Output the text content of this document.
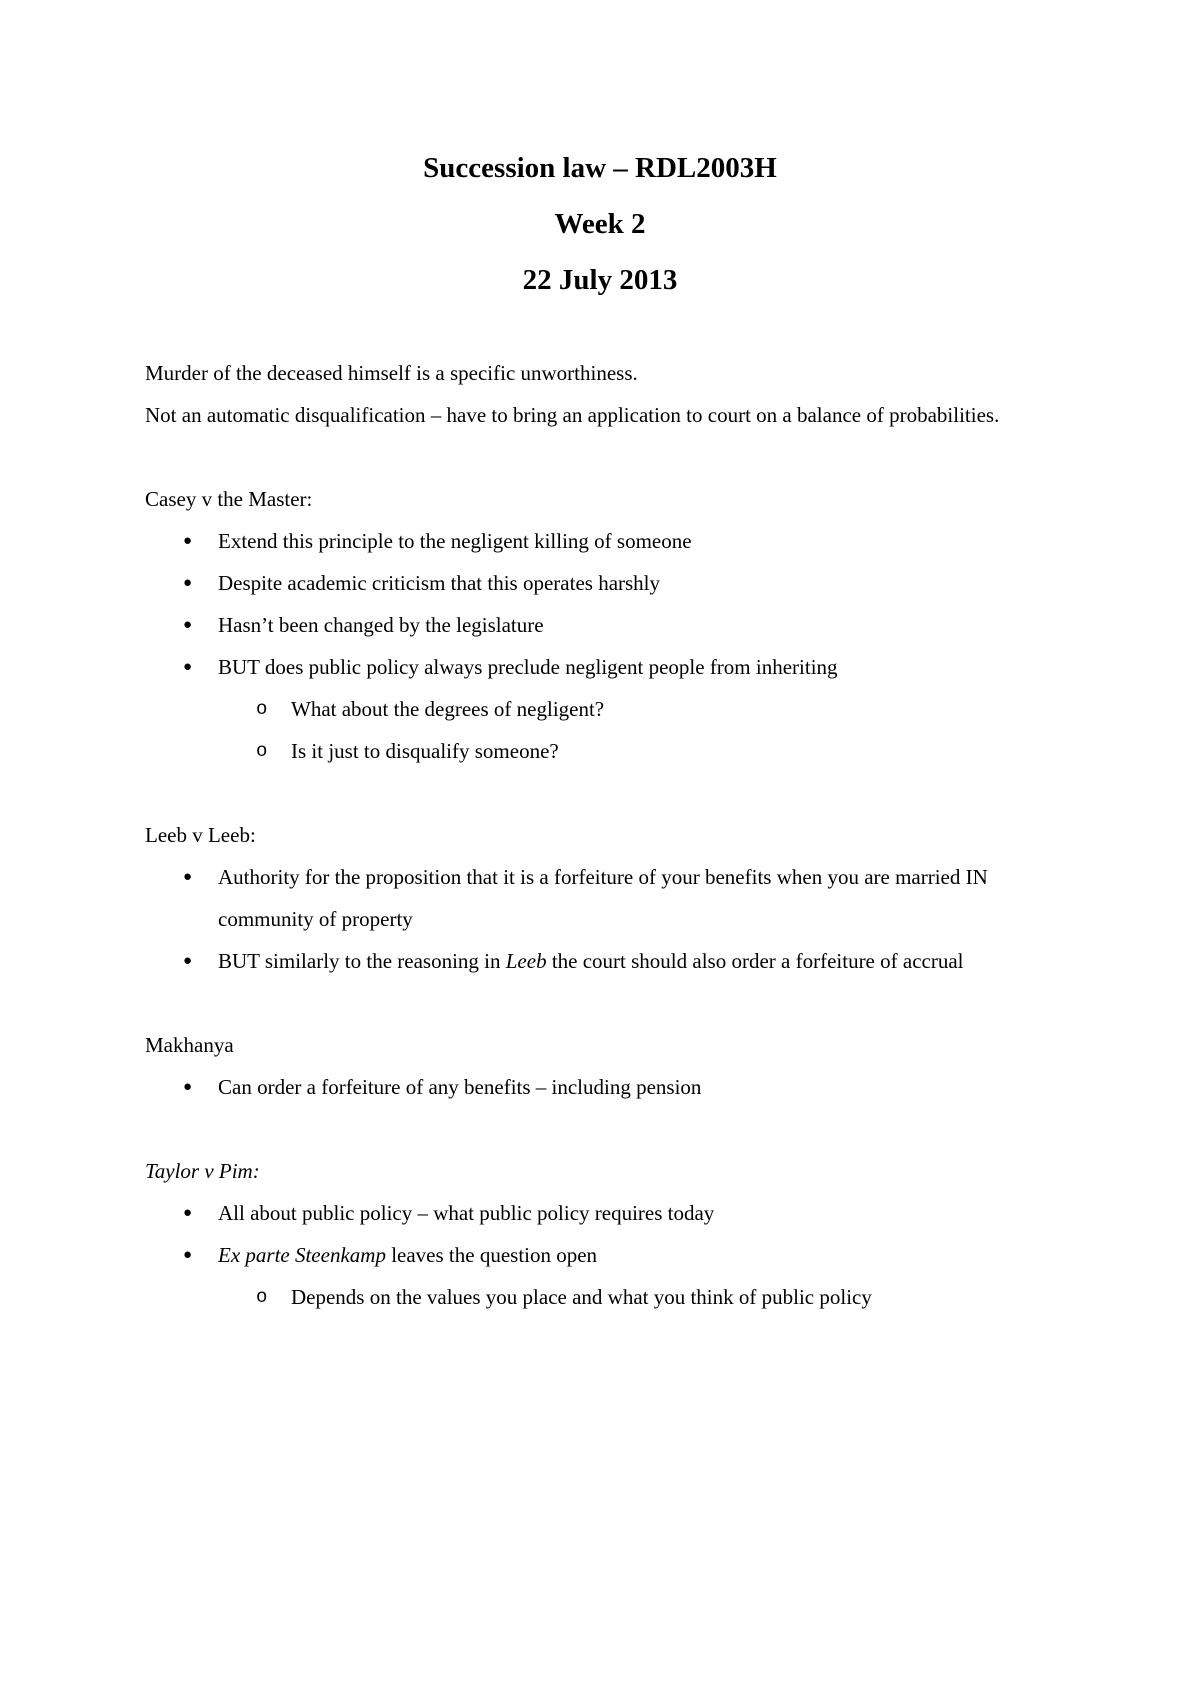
Succession law – RDL2003H

Week 2

22 July 2013

Murder of the deceased himself is a specific unworthiness.

Not an automatic disqualification – have to bring an application to court on a balance of probabilities.

Casey v the Master:

● Extend this principle to the negligent killing of someone
● Despite academic criticism that this operates harshly
● Hasn’t been changed by the legislature
● BUT does public policy always preclude negligent people from inheriting
o What about the degrees of negligent?
o Is it just to disqualify someone?

Leeb v Leeb:

● Authority for the proposition that it is a forfeiture of your benefits when you are married IN community of property
● BUT similarly to the reasoning in Leeb the court should also order a forfeiture of accrual

Makhanya

● Can order a forfeiture of any benefits – including pension

Taylor v Pim:

● All about public policy – what public policy requires today
● Ex parte Steenkamp leaves the question open
o Depends on the values you place and what you think of public policy
